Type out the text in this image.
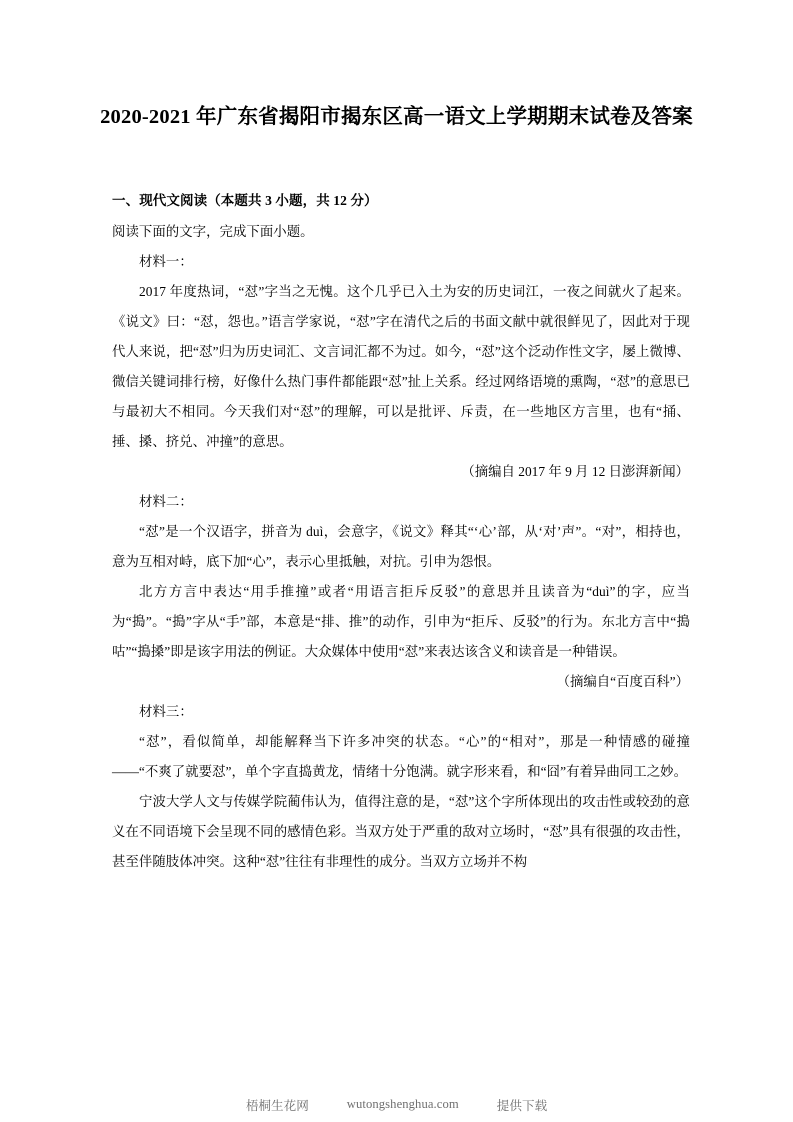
2020-2021 年广东省揭阳市揭东区高一语文上学期期末试卷及答案
一、现代文阅读（本题共 3 小题，共 12 分）

阅读下面的文字，完成下面小题。

材料一：

2017 年度热词，“怼”字当之无愧。这个几乎已入土为安的历史词江，一夜之间就火了起来。《说文》曰：“怼，怨也。”语言学家说，“怼”字在清代之后的书面文献中就很鲜见了，因此对于现代人来说，把“怼”归为历史词汇、文言词汇都不为过。如今，“怼”这个泛动作性文字，屡上微博、微信关键词排行榜，好像什么热门事件都能跟“怼”扯上关系。经过网络语境的熏陶，“怼”的意思已与最初大不相同。今天我们对“怼”的理解，可以是批评、斥责，在一些地区方言里，也有“捅、捶、搡、挤兑、冲撞”的意思。

（摘编自 2017 年 9 月 12 日澎湃新闻）

材料二：

“怼”是一个汉语字，拼音为 duì，会意字，《说文》释其“‘心’部，从‘对’声”。“对”，相持也，意为互相对峙，底下加“心”，表示心里抵触，对抗。引申为怨恨。

北方方言中表达“用手推撞”或者“用语言拒斥反驳”的意思并且读音为“duì”的字，应当为“搗”。“搗”字从“手”部，本意是“排、推”的动作，引申为“拒斥、反驳”的行为。东北方言中“搗咕”“搗搡”即是该字用法的例证。大众媒体中使用“怼”来表达该含义和读音是一种错误。

（摘编自“百度百科”）

材料三：

“怼”，看似简单，却能解释当下许多冲突的状态。“心”的“相对”，那是一种情感的碰撞——“不爽了就要怼”，单个字直捣黄龙，情绪十分饱满。就字形来看，和“囧”有着异曲同工之妙。

宁波大学人文与传媒学院蔺伟认为，值得注意的是，“怼”这个字所体现出的攻击性或较劲的意义在不同语境下会呈现不同的感情色彩。当双方处于严重的敌对立场时，“怼”具有很强的攻击性，甚至伴随肢体冲突。这种“怼”往往有非理性的成分。当双方立场并不构

梧桐生花网	wutongshenghua.com	提供下载
